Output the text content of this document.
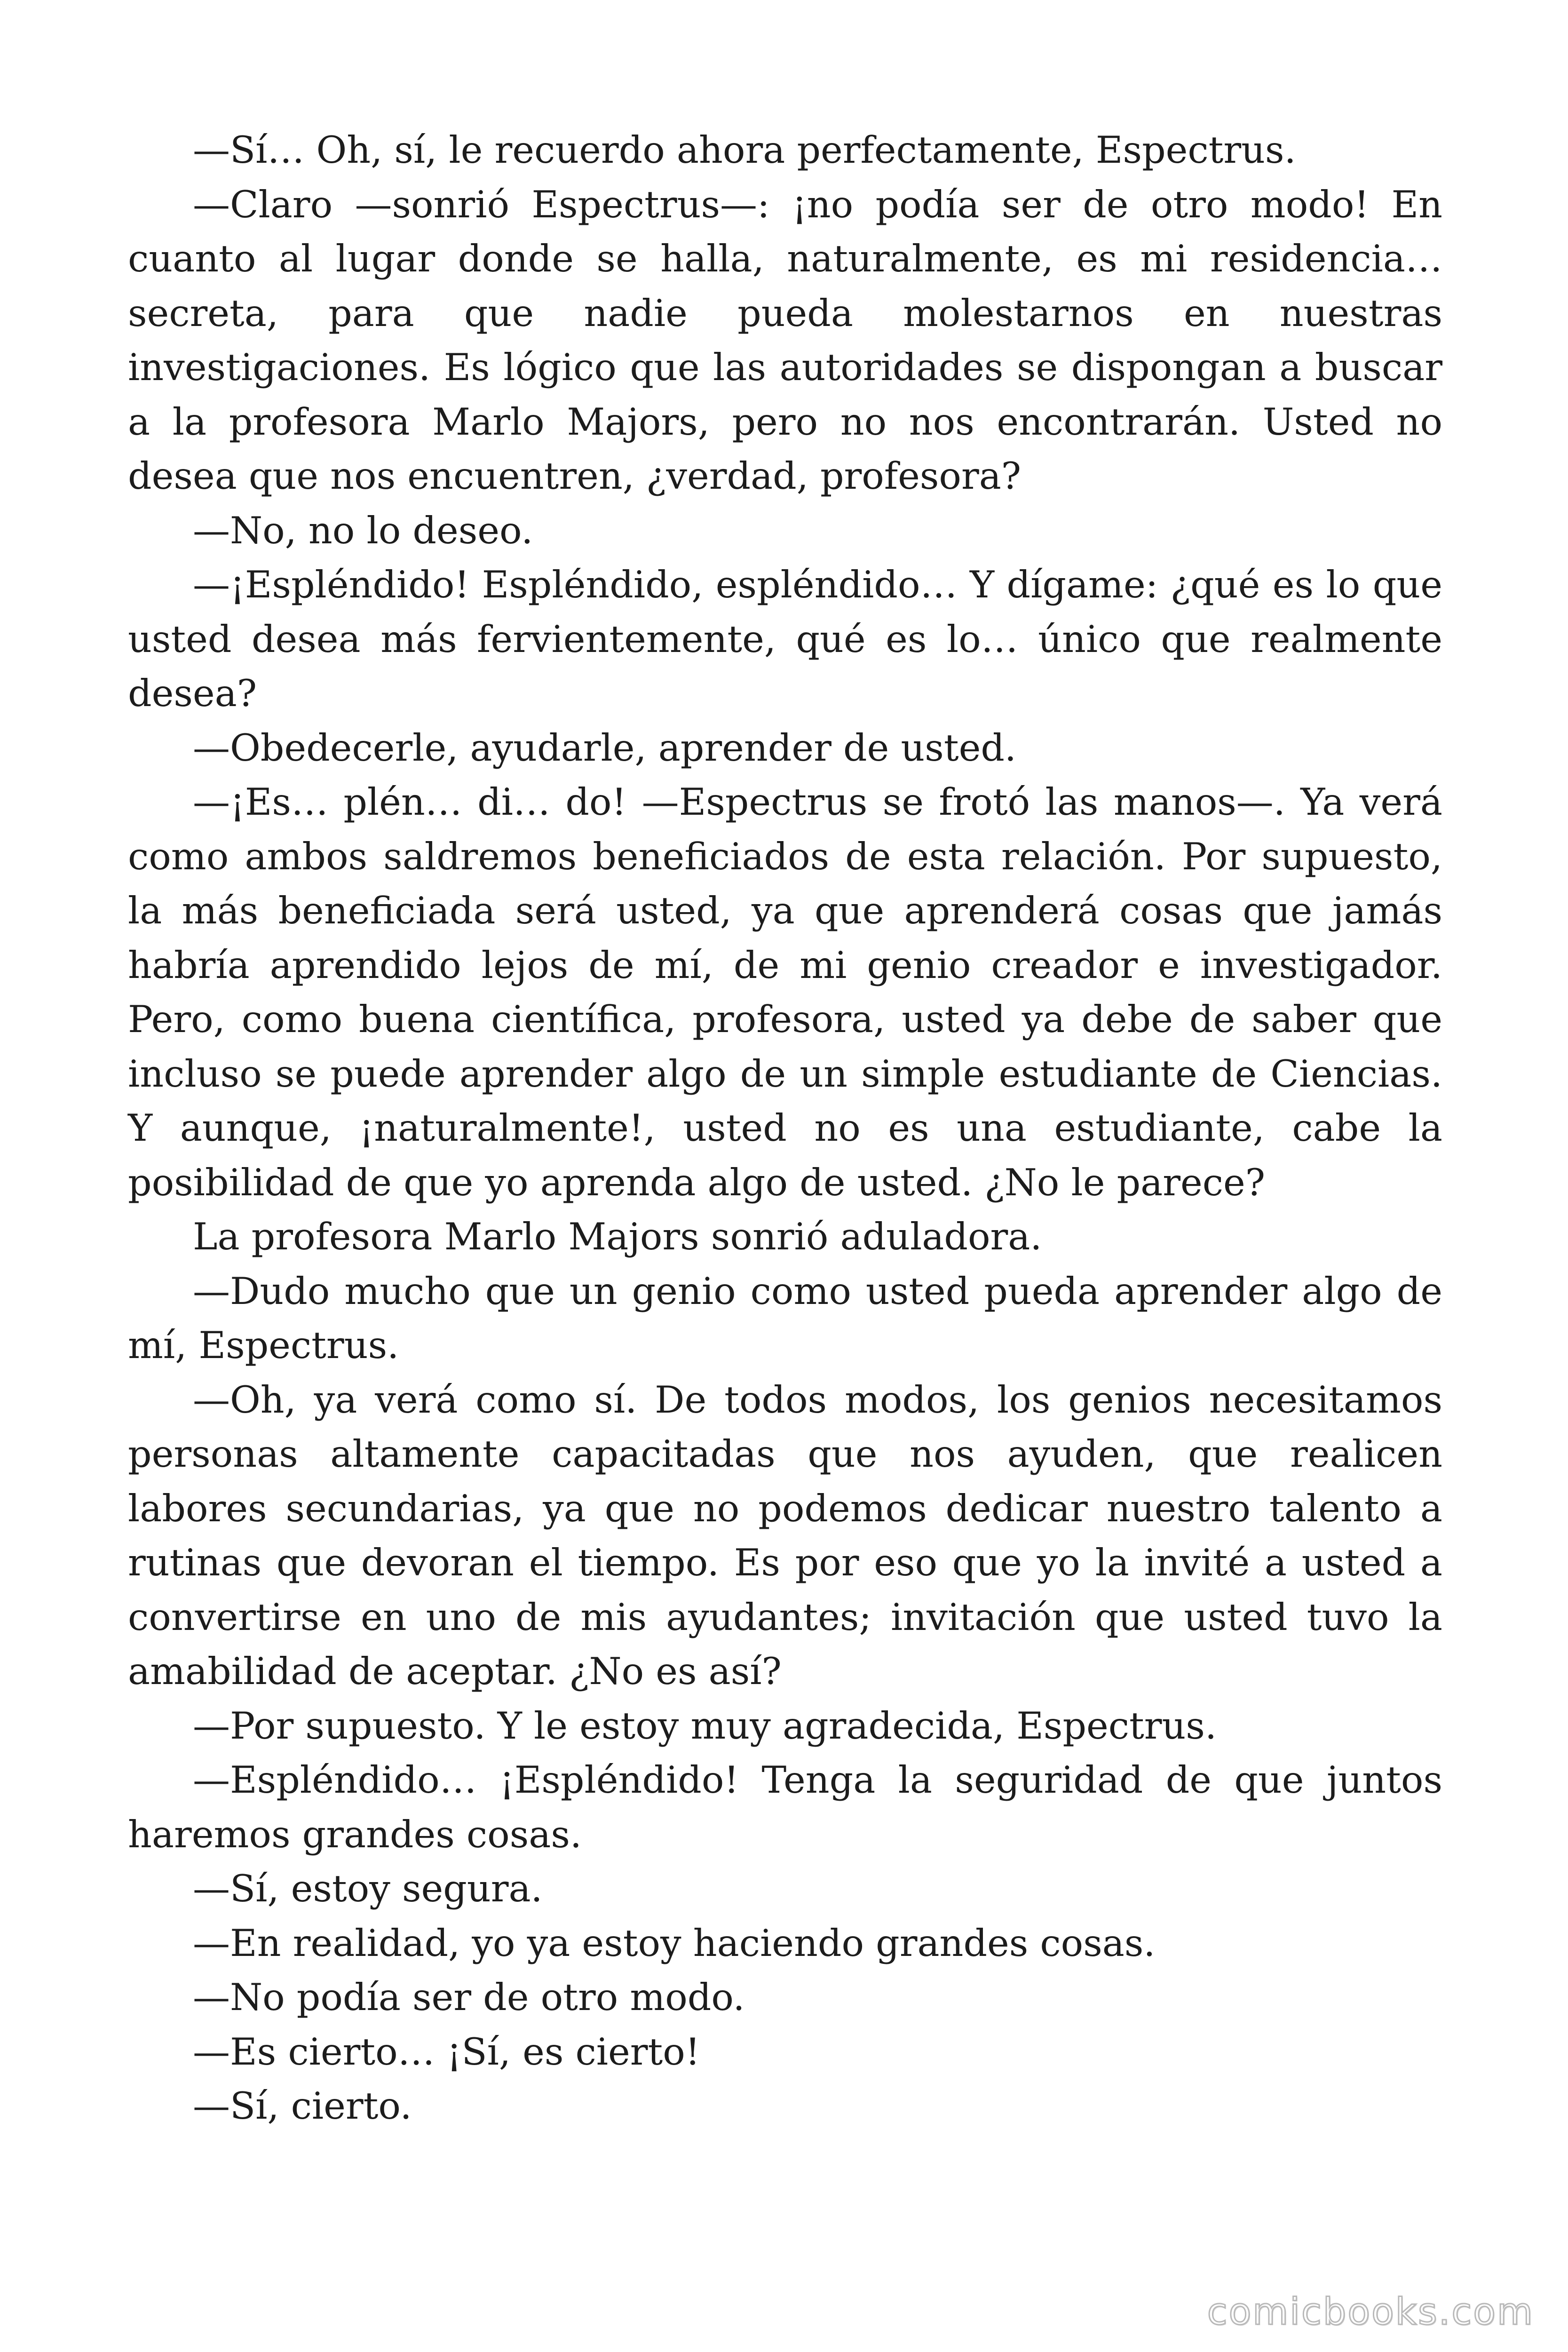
—Sí… Oh, sí, le recuerdo ahora perfectamente, Espectrus.

—Claro —sonrió Espectrus—: ¡no podía ser de otro modo! En cuanto al lugar donde se halla, naturalmente, es mi residencia… secreta, para que nadie pueda molestarnos en nuestras investigaciones. Es lógico que las autoridades se dispongan a buscar a la profesora Marlo Majors, pero no nos encontrarán. Usted no desea que nos encuentren, ¿verdad, profesora?

—No, no lo deseo.

—¡Espléndido! Espléndido, espléndido… Y dígame: ¿qué es lo que usted desea más fervientemente, qué es lo… único que realmente desea?

—Obedecerle, ayudarle, aprender de usted.

—¡Es… plén… di… do! —Espectrus se frotó las manos—. Ya verá como ambos saldremos beneficiados de esta relación. Por supuesto, la más beneficiada será usted, ya que aprenderá cosas que jamás habría aprendido lejos de mí, de mi genio creador e investigador. Pero, como buena científica, profesora, usted ya debe de saber que incluso se puede aprender algo de un simple estudiante de Ciencias. Y aunque, ¡naturalmente!, usted no es una estudiante, cabe la posibilidad de que yo aprenda algo de usted. ¿No le parece?

La profesora Marlo Majors sonrió aduladora.

—Dudo mucho que un genio como usted pueda aprender algo de mí, Espectrus.

—Oh, ya verá como sí. De todos modos, los genios necesitamos personas altamente capacitadas que nos ayuden, que realicen labores secundarias, ya que no podemos dedicar nuestro talento a rutinas que devoran el tiempo. Es por eso que yo la invité a usted a convertirse en uno de mis ayudantes; invitación que usted tuvo la amabilidad de aceptar. ¿No es así?

—Por supuesto. Y le estoy muy agradecida, Espectrus.

—Espléndido… ¡Espléndido! Tenga la seguridad de que juntos haremos grandes cosas.

—Sí, estoy segura.

—En realidad, yo ya estoy haciendo grandes cosas.

—No podía ser de otro modo.

—Es cierto… ¡Sí, es cierto!

—Sí, cierto.

comicbooks.com
